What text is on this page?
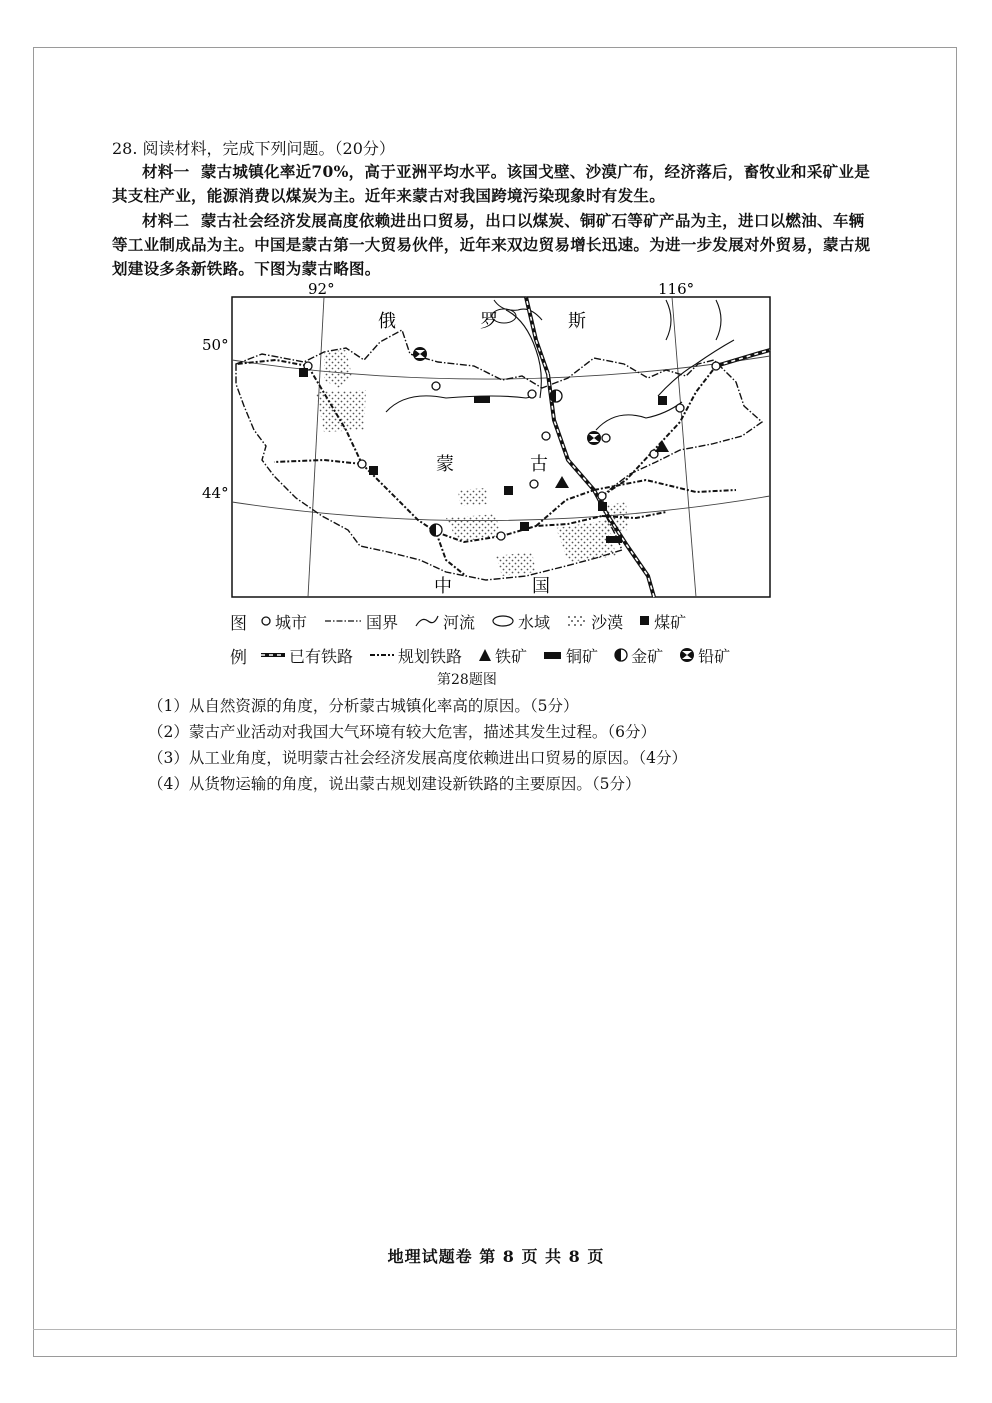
28. 阅读材料，完成下列问题。（20分）
材料一 蒙古城镇化率近70%，高于亚洲平均水平。该国戈壁、沙漠广布，经济落后，畜牧业和采矿业是其支柱产业，能源消费以煤炭为主。近年来蒙古对我国跨境污染现象时有发生。
材料二 蒙古社会经济发展高度依赖进出口贸易，出口以煤炭、铜矿石等矿产品为主，进口以燃油、车辆等工业制成品为主。中国是蒙古第一大贸易伙伴，近年来双边贸易增长迅速。为进一步发展对外贸易，蒙古规划建设多条新铁路。下图为蒙古略图。
92°	116°
50°
44°
俄	罗	斯
蒙	古
中	国
图	城市	国界	河流	水域	沙漠 煤矿
例	已有铁路	规划铁路 铁矿 铜矿 金矿 铅矿
第28题图
（1）从自然资源的角度，分析蒙古城镇化率高的原因。（5分）
（2）蒙古产业活动对我国大气环境有较大危害，描述其发生过程。（6分）
（3）从工业角度，说明蒙古社会经济发展高度依赖进出口贸易的原因。（4分）
（4）从货物运输的角度，说出蒙古规划建设新铁路的主要原因。（5分）
地理试题卷 第 8 页 共 8 页
